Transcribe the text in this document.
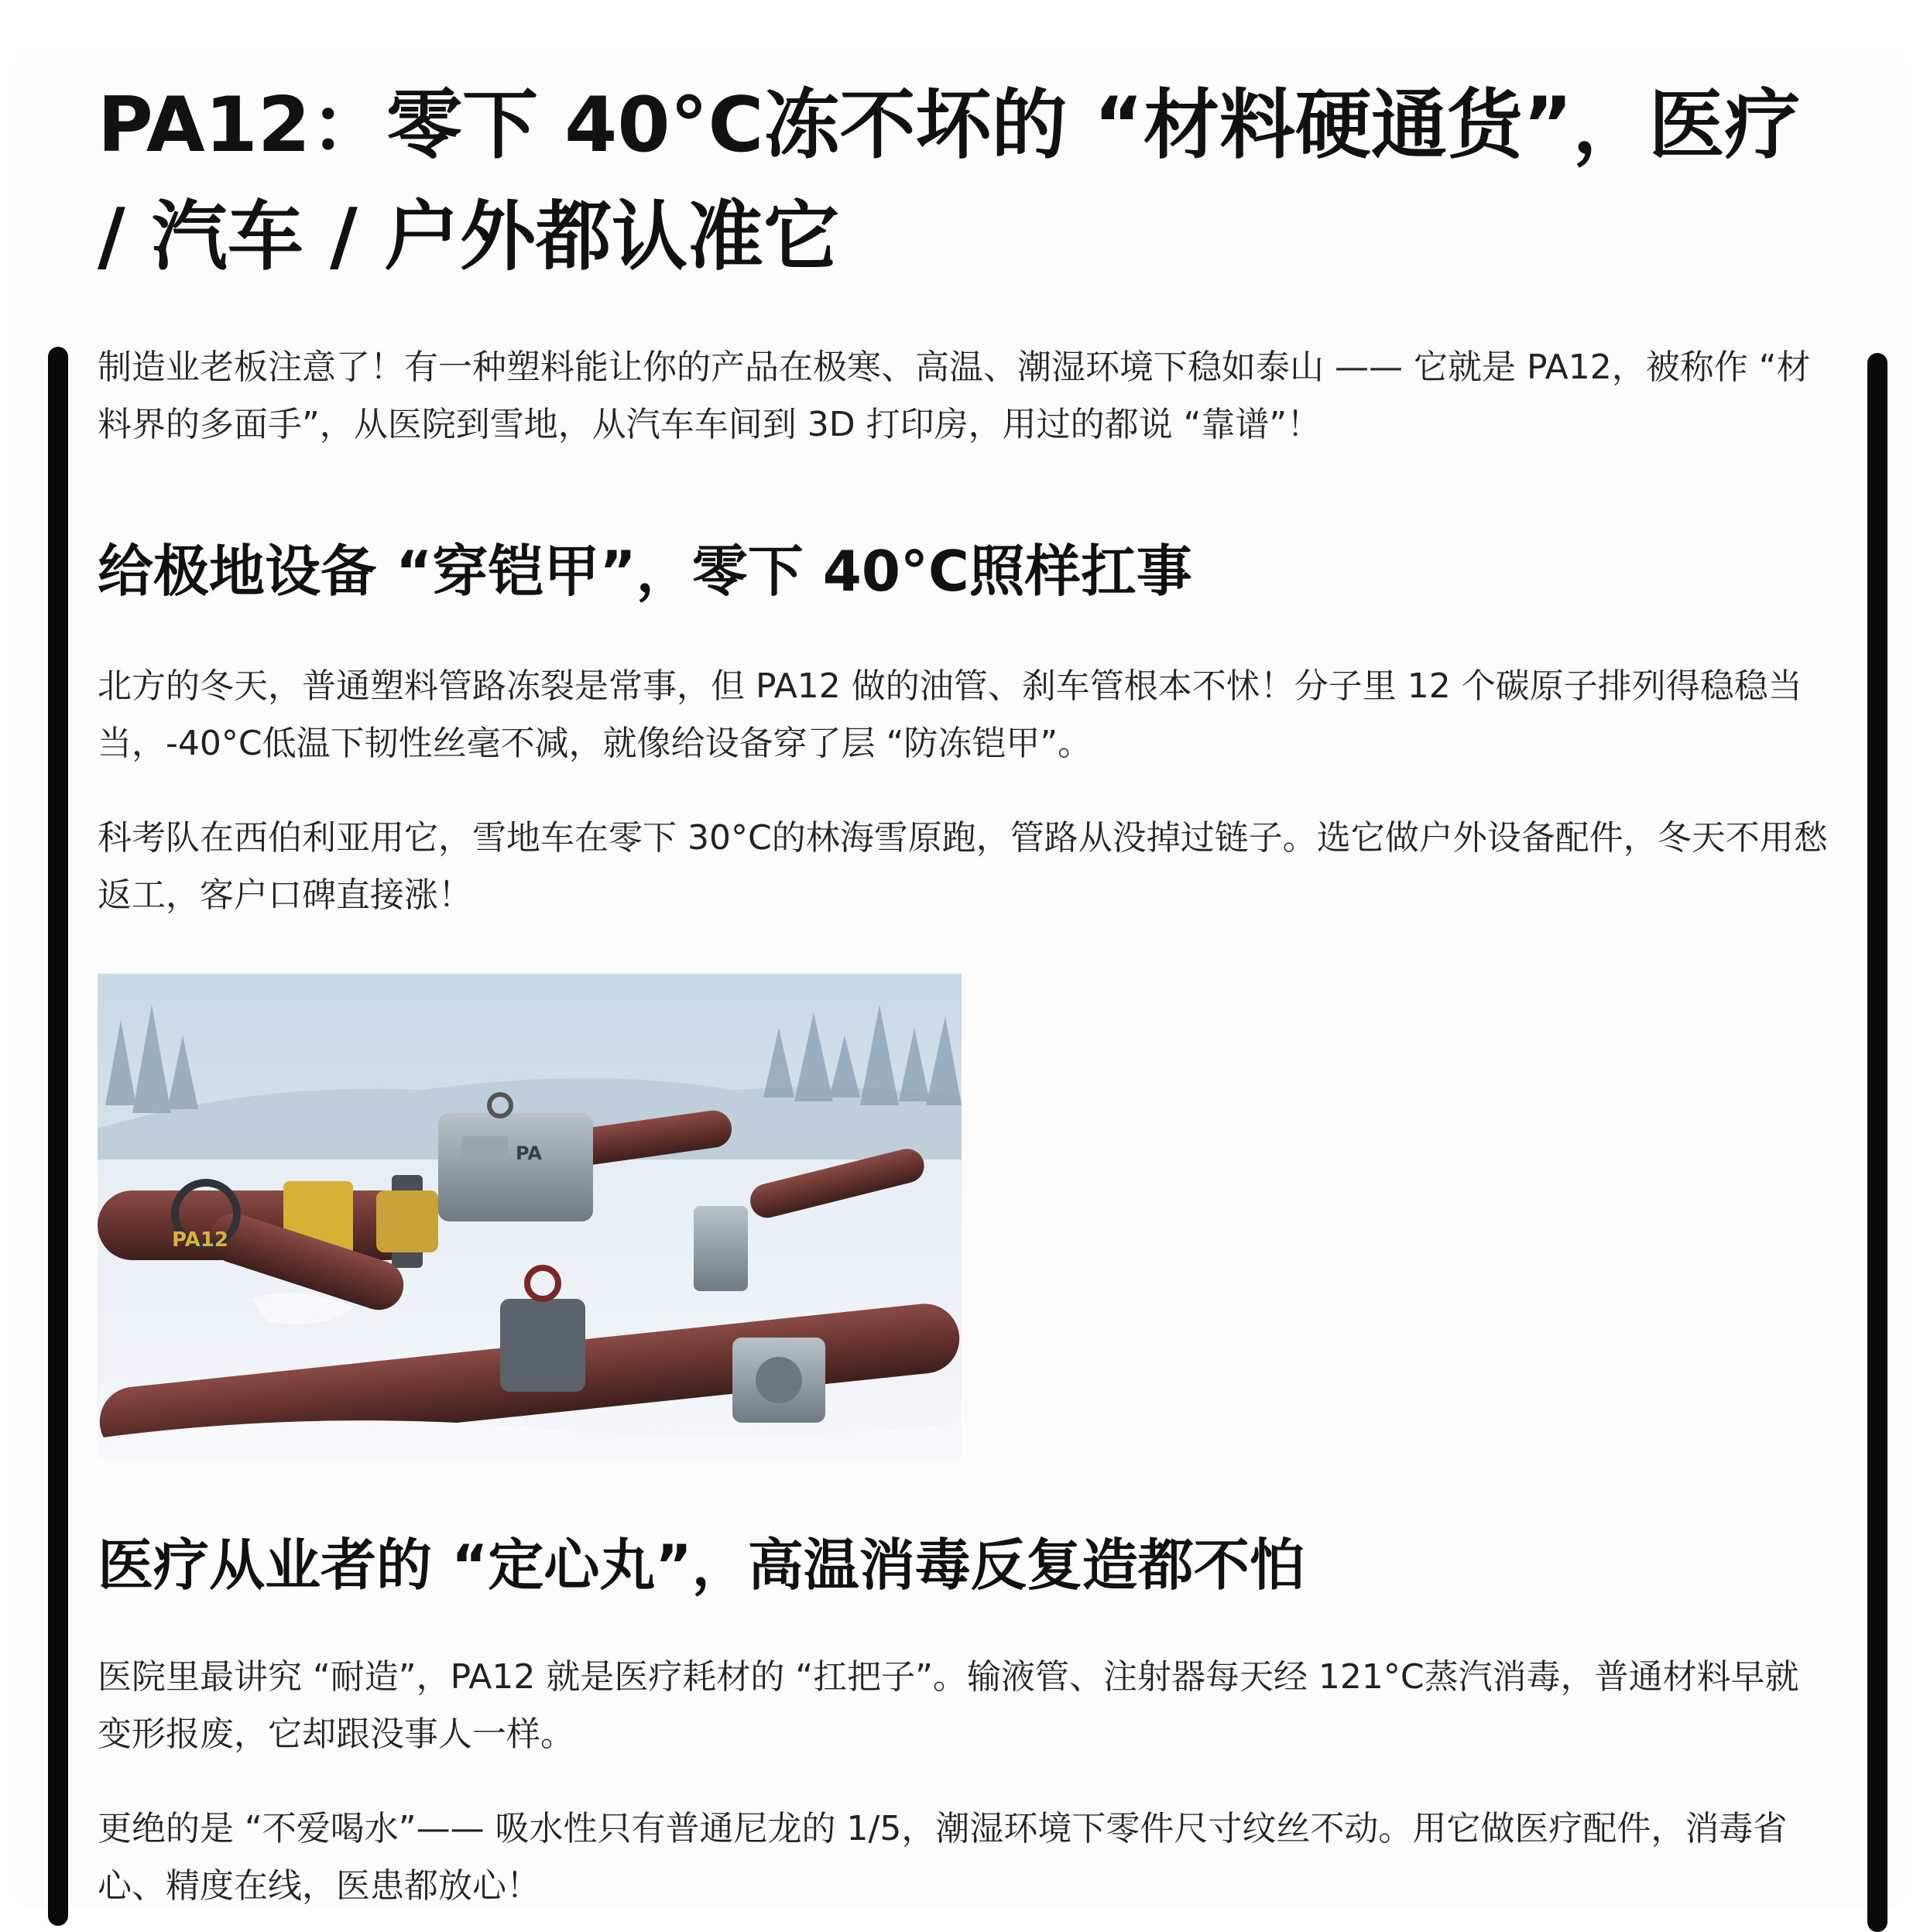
PA12：零下 40°C冻不坏的 “材料硬通货”，医疗 / 汽车 / 户外都认准它

制造业老板注意了！有一种塑料能让你的产品在极寒、高温、潮湿环境下稳如泰山 —— 它就是 PA12，被称作 “材料界的多面手”，从医院到雪地，从汽车车间到 3D 打印房，用过的都说 “靠谱”！

给极地设备 “穿铠甲”，零下 40°C照样扛事

北方的冬天，普通塑料管路冻裂是常事，但 PA12 做的油管、刹车管根本不怵！分子里 12 个碳原子排列得稳稳当当，-40°C低温下韧性丝毫不减，就像给设备穿了层 “防冻铠甲”。

科考队在西伯利亚用它，雪地车在零下 30°C的林海雪原跑，管路从没掉过链子。选它做户外设备配件，冬天不用愁返工，客户口碑直接涨！

PA12
PA
医疗从业者的 “定心丸”，高温消毒反复造都不怕

医院里最讲究 “耐造”，PA12 就是医疗耗材的 “扛把子”。输液管、注射器每天经 121°C蒸汽消毒，普通材料早就变形报废，它却跟没事人一样。

更绝的是 “不爱喝水”—— 吸水性只有普通尼龙的 1/5，潮湿环境下零件尺寸纹丝不动。用它做医疗配件，消毒省心、精度在线，医患都放心！
